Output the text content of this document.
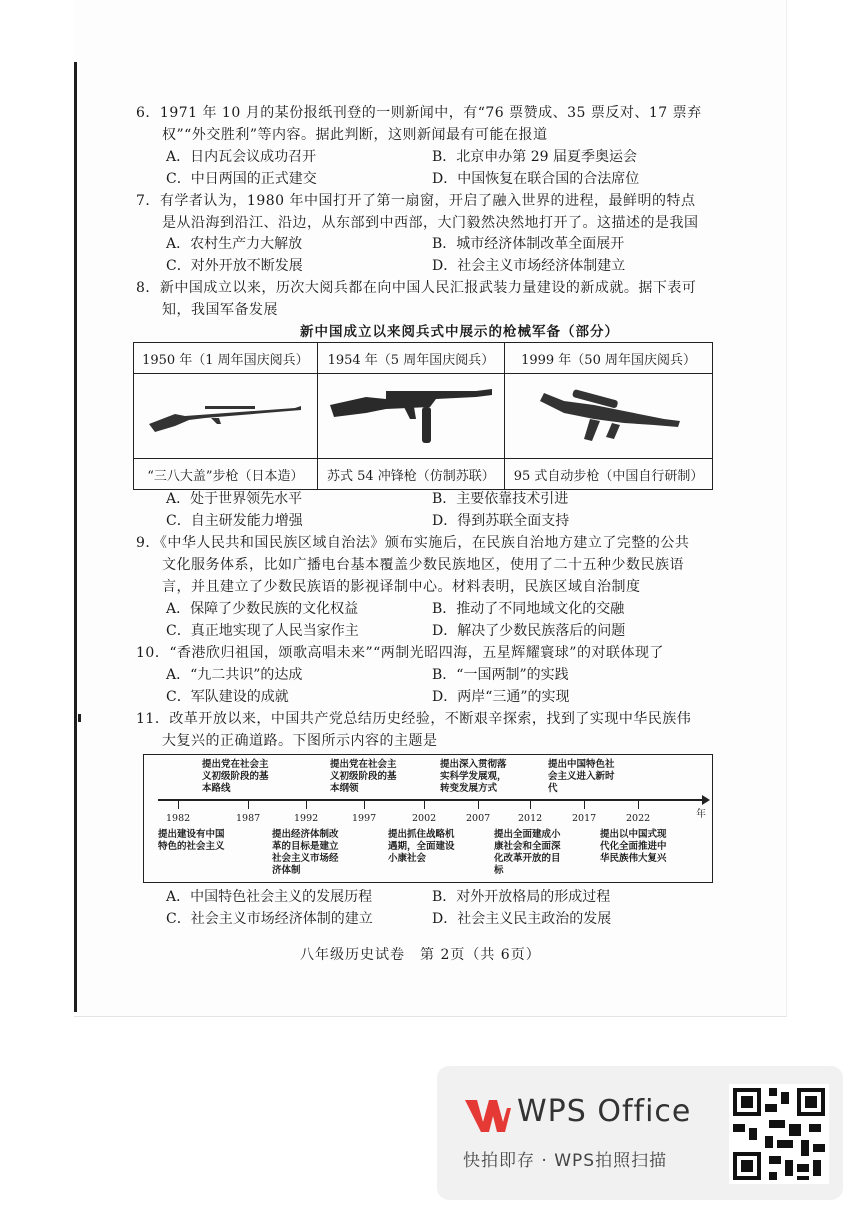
6．1971 年 10 月的某份报纸刊登的一则新闻中，有“76 票赞成、35 票反对、17 票弃

权”“外交胜利”等内容。据此判断，这则新闻最有可能在报道

A．日内瓦会议成功召开	B．北京申办第 29 届夏季奥运会
C．中日两国的正式建交	D．中国恢复在联合国的合法席位

7．有学者认为，1980 年中国打开了第一扇窗，开启了融入世界的进程，最鲜明的特点

是从沿海到沿江、沿边，从东部到中西部，大门毅然决然地打开了。这描述的是我国

A．农村生产力大解放	B．城市经济体制改革全面展开
C．对外开放不断发展	D．社会主义市场经济体制建立

8．新中国成立以来，历次大阅兵都在向中国人民汇报武装力量建设的新成就。据下表可

知，我国军备发展

新中国成立以来阅兵式中展示的枪械军备（部分）
1950 年（1 周年国庆阅兵）	1954 年（5 周年国庆阅兵）	1999 年（50 周年国庆阅兵）

“三八大盖”步枪（日本造）	苏式 54 冲锋枪（仿制苏联）	95 式自动步枪（中国自行研制）
A．处于世界领先水平	B．主要依靠技术引进
C．自主研发能力增强	D．得到苏联全面支持

9．《中华人民共和国民族区域自治法》颁布实施后，在民族自治地方建立了完整的公共

文化服务体系，比如广播电台基本覆盖少数民族地区，使用了二十五种少数民族语

言，并且建立了少数民族语的影视译制中心。材料表明，民族区域自治制度

A．保障了少数民族的文化权益	B．推动了不同地域文化的交融
C．真正地实现了人民当家作主	D．解决了少数民族落后的问题

10．“香港欣归祖国，颂歌高唱未来”“两制光昭四海，五星辉耀寰球”的对联体现了

A．“九二共识”的达成	B．“一国两制”的实践
C．军队建设的成就	D．两岸“三通”的实现

11．改革开放以来，中国共产党总结历史经验，不断艰辛探索，找到了实现中华民族伟

大复兴的正确道路。下图所示内容的主题是

年
1982	1987	1992	1997	2002	2007	2012	2017	2022
提出党在社会主
义初级阶段的基
本路线
提出党在社会主
义初级阶段的基
本纲领
提出深入贯彻落
实科学发展观，
转变发展方式
提出中国特色社
会主义进入新时
代
提出建设有中国
特色的社会主义
提出经济体制改
革的目标是建立
社会主义市场经
济体制
提出抓住战略机
遇期，全面建设
小康社会
提出全面建成小
康社会和全面深
化改革开放的目
标
提出以中国式现
代化全面推进中
华民族伟大复兴
A．中国特色社会主义的发展历程	B．对外开放格局的形成过程
C．社会主义市场经济体制的建立	D．社会主义民主政治的发展
八年级历史试卷　第 2页（共 6页）
WPS Office
快拍即存 · WPS拍照扫描
